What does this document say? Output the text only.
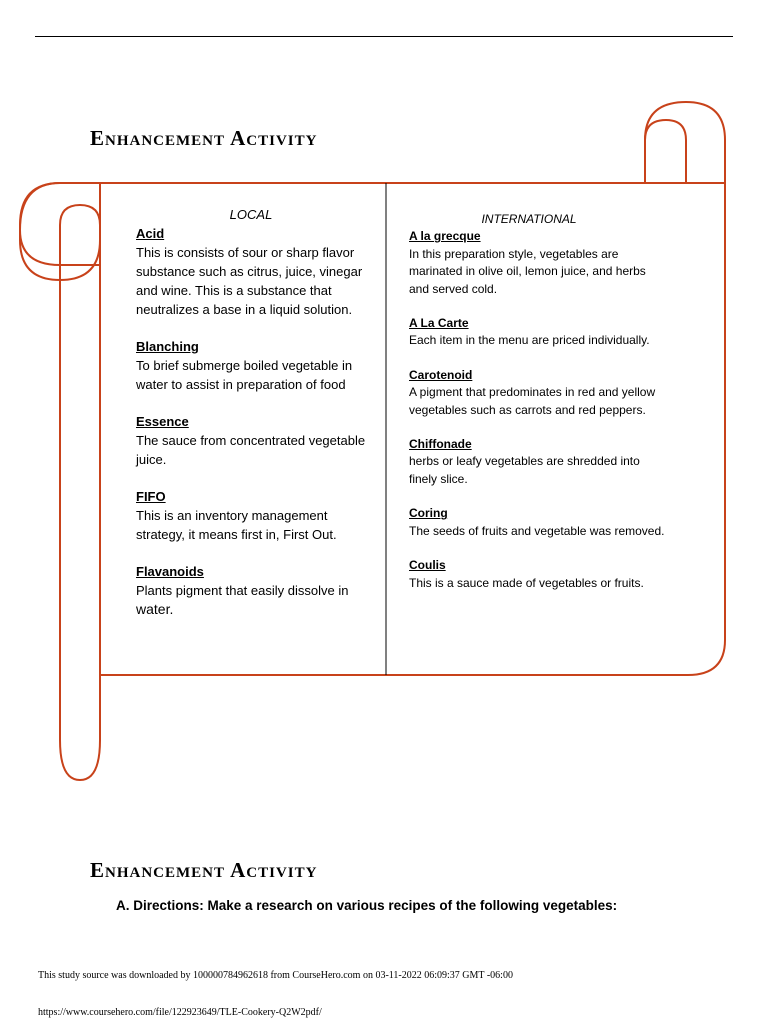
Enhancement Activity
LOCAL
Acid
This is consists of sour or sharp flavor substance such as citrus, juice, vinegar and wine. This is a substance that neutralizes a base in a liquid solution.
Blanching
To brief submerge boiled vegetable in water to assist in preparation of food
Essence
The sauce from concentrated vegetable juice.
FIFO
This is an inventory management strategy, it means first in, First Out.
Flavanoids
Plants pigment that easily dissolve in water.
INTERNATIONAL
A la grecque
In this preparation style, vegetables are marinated in olive oil, lemon juice, and herbs and served cold.
A La Carte
Each item in the menu are priced individually.
Carotenoid
A pigment that predominates in red and yellow vegetables such as carrots and red peppers.
Chiffonade
herbs or leafy vegetables are shredded into finely slice.
Coring
The seeds of fruits and vegetable was removed.
Coulis
This is a sauce made of vegetables or fruits.
Enhancement Activity
A. Directions: Make a research on various recipes of the following vegetables:
This study source was downloaded by 100000784962618 from CourseHero.com on 03-11-2022 06:09:37 GMT -06:00
https://www.coursehero.com/file/122923649/TLE-Cookery-Q2W2pdf/
